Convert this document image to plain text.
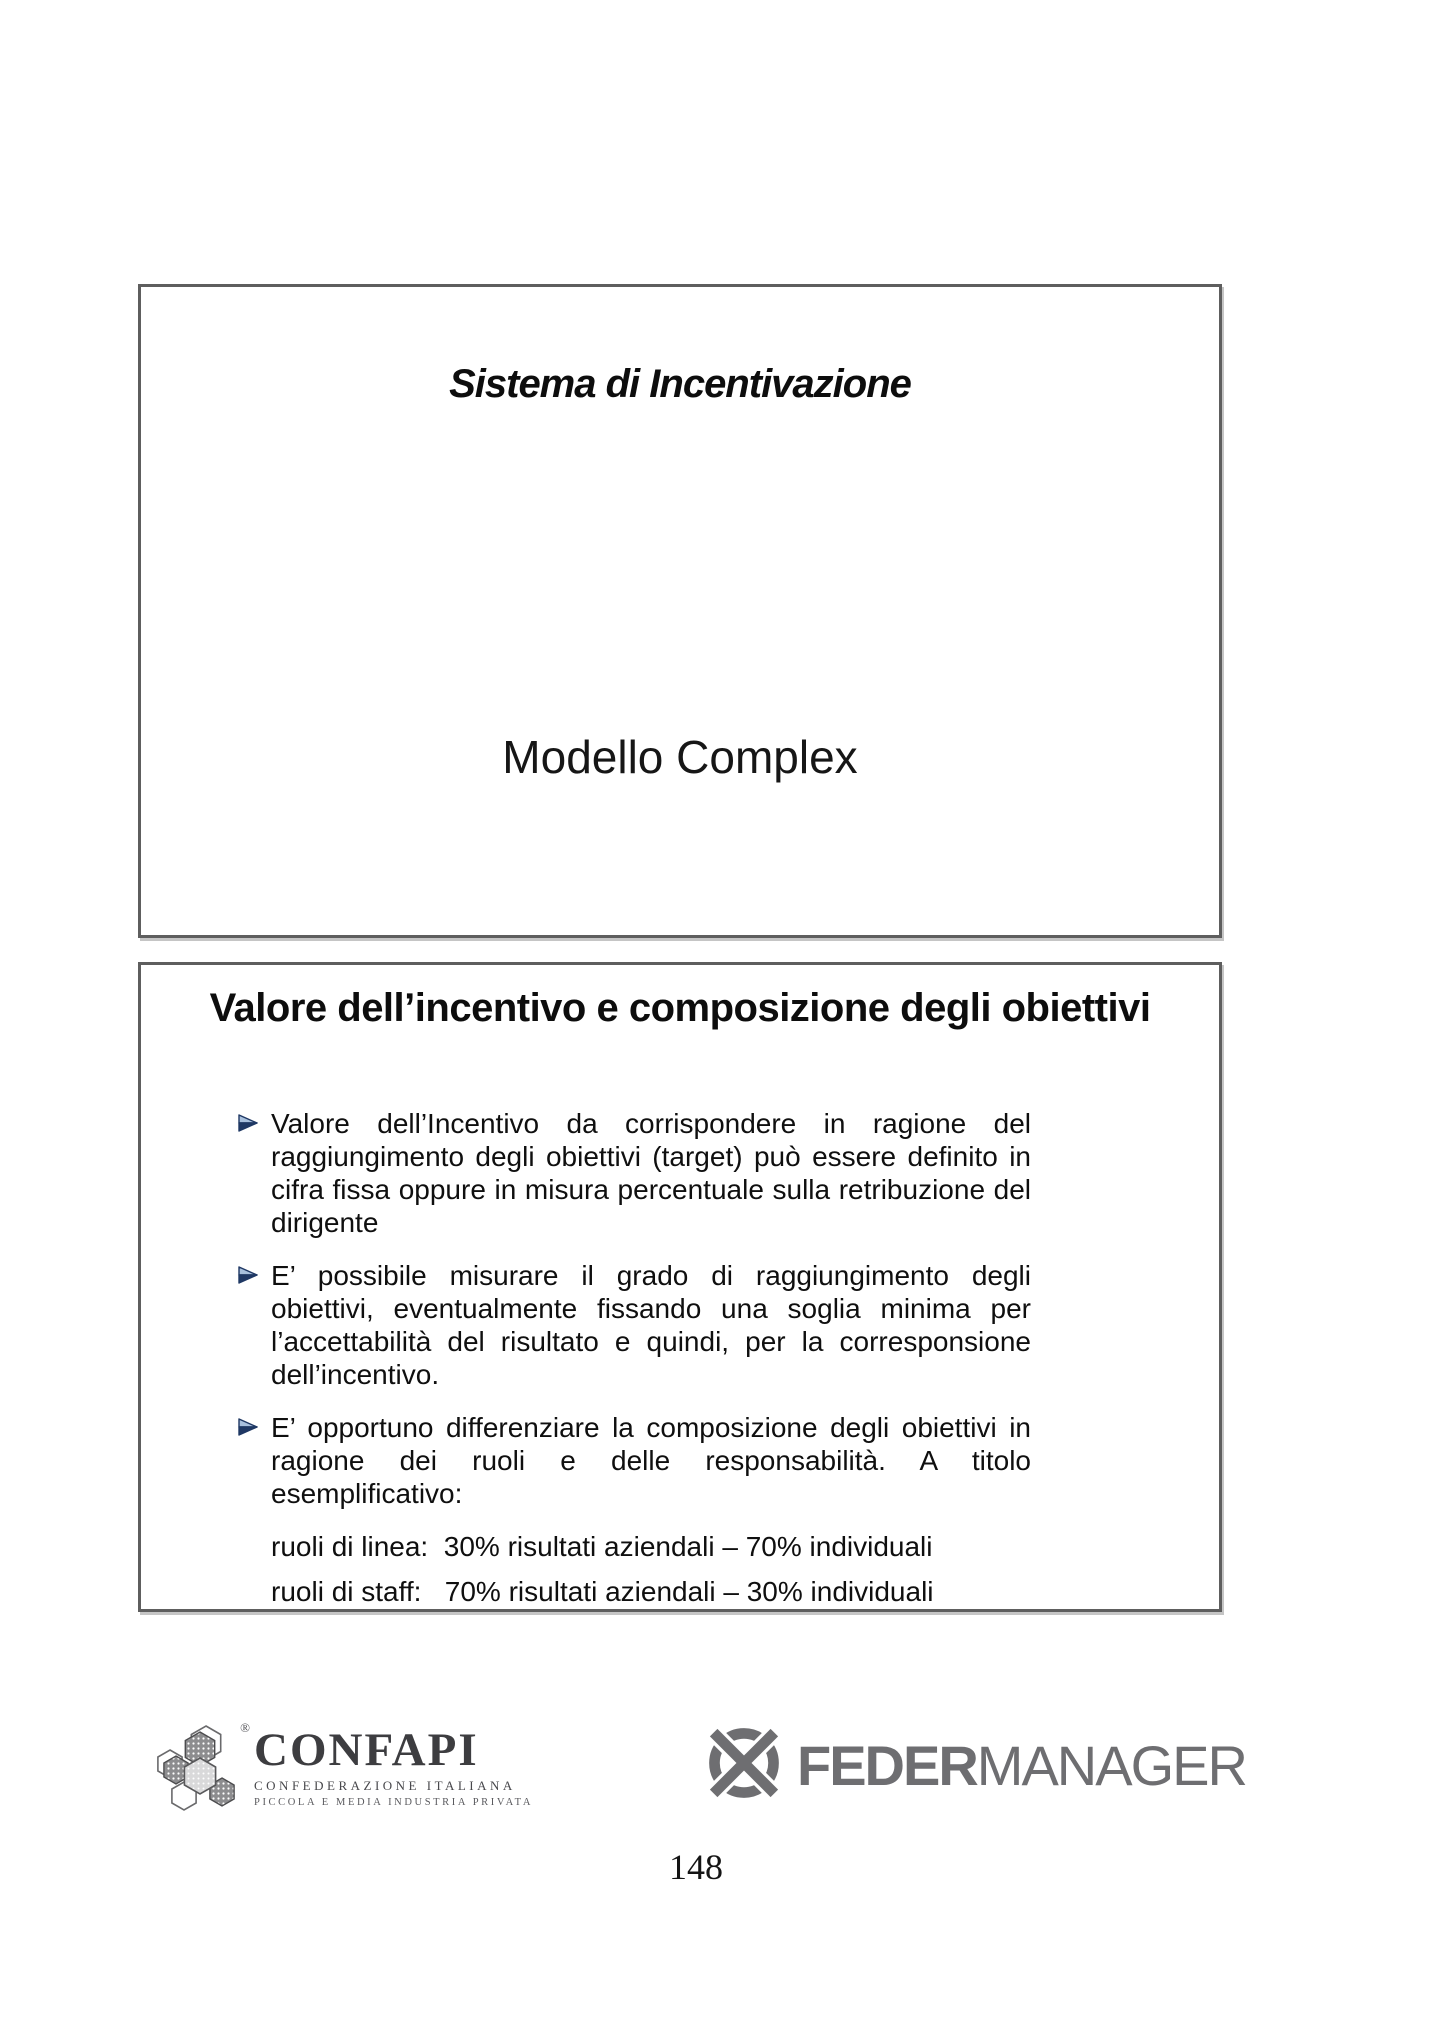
Sistema di Incentivazione
Modello Complex
Valore dell’incentivo e composizione degli obiettivi

Valore dell’Incentivo da corrispondere in ragione del raggiungimento degli obiettivi (target) può essere definito in cifra fissa oppure in misura percentuale sulla retribuzione del dirigente

E’ possibile misurare il grado di raggiungimento degli obiettivi, eventualmente fissando una soglia minima per l’accettabilità del risultato e quindi, per la corresponsione dell’incentivo.

E’ opportuno differenziare la composizione degli obiettivi in ragione dei ruoli e delle responsabilità. A titolo esemplificativo:

ruoli di linea:  30% risultati aziendali – 70% individuali
ruoli di staff:   70% risultati aziendali – 30% individuali
® CONFAPI
CONFEDERAZIONE ITALIANA
PICCOLA E MEDIA INDUSTRIA PRIVATA
FEDERMANAGER
148
